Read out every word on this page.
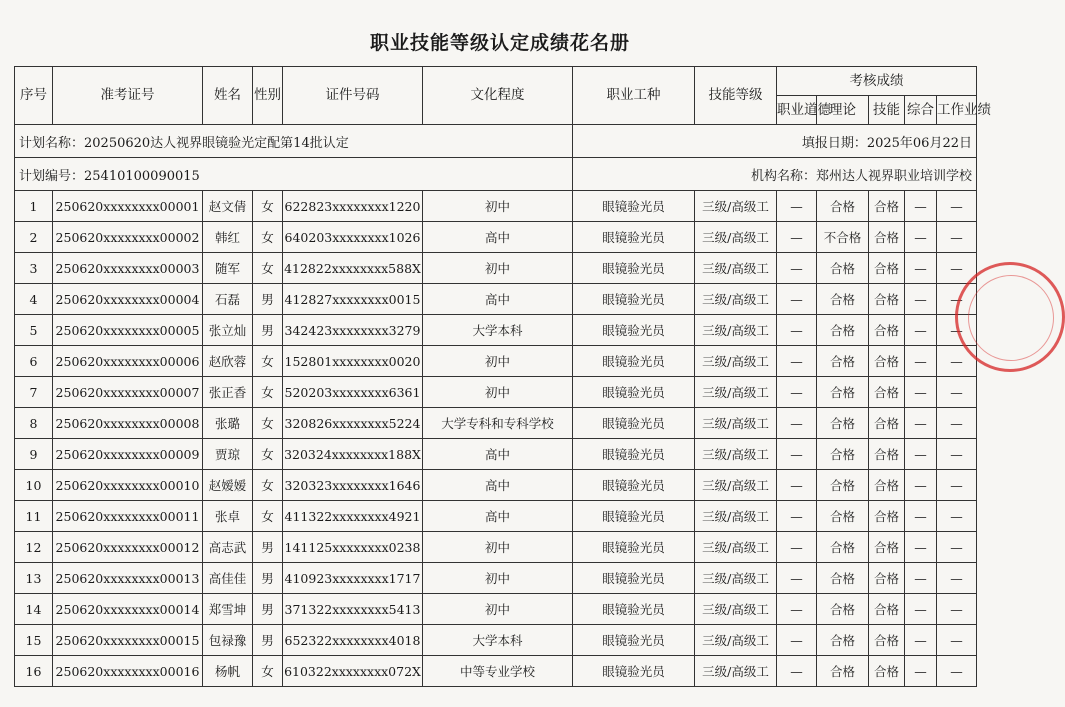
职业技能等级认定成绩花名册
计划名称：20250620达人视界眼镜验光定配第14批认定						填报日期：2025年06月22日						
计划编号：25410100090015						机构名称：郑州达人视界职业培训学校						
序号	准考证号	姓名	性别	证件号码	文化程度	职业工种	技能等级	考核成绩				
								职业道德	理论	技能	综合	工作业绩
1	250620xxxxxxxx00001	赵文倩	女	622823xxxxxxxx1220	初中	眼镜验光员	三级/高级工	—	合格	合格	—	—
2	250620xxxxxxxx00002	韩红	女	640203xxxxxxxx1026	高中	眼镜验光员	三级/高级工	—	不合格	合格	—	—
3	250620xxxxxxxx00003	随军	女	412822xxxxxxxx588X	初中	眼镜验光员	三级/高级工	—	合格	合格	—	—
4	250620xxxxxxxx00004	石磊	男	412827xxxxxxxx0015	高中	眼镜验光员	三级/高级工	—	合格	合格	—	—
5	250620xxxxxxxx00005	张立灿	男	342423xxxxxxxx3279	大学本科	眼镜验光员	三级/高级工	—	合格	合格	—	—
6	250620xxxxxxxx00006	赵欣蓉	女	152801xxxxxxxx0020	初中	眼镜验光员	三级/高级工	—	合格	合格	—	—
7	250620xxxxxxxx00007	张正香	女	520203xxxxxxxx6361	初中	眼镜验光员	三级/高级工	—	合格	合格	—	—
8	250620xxxxxxxx00008	张璐	女	320826xxxxxxxx5224	大学专科和专科学校	眼镜验光员	三级/高级工	—	合格	合格	—	—
9	250620xxxxxxxx00009	贾琼	女	320324xxxxxxxx188X	高中	眼镜验光员	三级/高级工	—	合格	合格	—	—
10	250620xxxxxxxx00010	赵嫒嫒	女	320323xxxxxxxx1646	高中	眼镜验光员	三级/高级工	—	合格	合格	—	—
11	250620xxxxxxxx00011	张卓	女	411322xxxxxxxx4921	高中	眼镜验光员	三级/高级工	—	合格	合格	—	—
12	250620xxxxxxxx00012	高志武	男	141125xxxxxxxx0238	初中	眼镜验光员	三级/高级工	—	合格	合格	—	—
13	250620xxxxxxxx00013	高佳佳	男	410923xxxxxxxx1717	初中	眼镜验光员	三级/高级工	—	合格	合格	—	—
14	250620xxxxxxxx00014	郑雪坤	男	371322xxxxxxxx5413	初中	眼镜验光员	三级/高级工	—	合格	合格	—	—
15	250620xxxxxxxx00015	包禄豫	男	652322xxxxxxxx4018	大学本科	眼镜验光员	三级/高级工	—	合格	合格	—	—
16	250620xxxxxxxx00016	杨帆	女	610322xxxxxxxx072X	中等专业学校	眼镜验光员	三级/高级工	—	合格	合格	—	—
